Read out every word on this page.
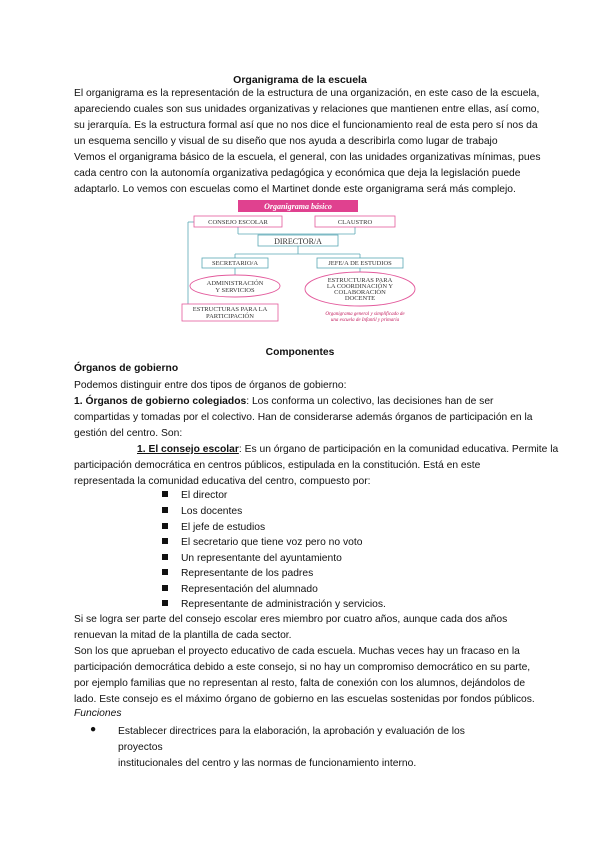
Organigrama de la escuela
El organigrama es la representación de la estructura de una organización, en este caso de la escuela,
apareciendo cuales son sus unidades organizativas y relaciones que mantienen entre ellas, así como,
su jerarquía. Es la estructura formal así que no nos dice el funcionamiento real de esta pero sí nos da
un esquema sencillo y visual de su diseño que nos ayuda a describirla como lugar de trabajo
Vemos el organigrama básico de la escuela, el general, con las unidades organizativas mínimas, pues
cada centro con la autonomía organizativa pedagógica y económica que deja la legislación puede
adaptarlo. Lo vemos con escuelas como el Martinet donde este organigrama será más complejo.
Organigrama básico
CONSEJO ESCOLAR	CLAUSTRO
DIRECTOR/A
SECRETARIO/A	JEFE/A DE ESTUDIOS
ADMINISTRACIÓN
Y SERVICIOS
ESTRUCTURAS PARA
LA COORDINACIÓN Y
COLABORACIÓN
DOCENTE
ESTRUCTURAS PARA LA
PARTICIPACIÓN	Organigrama general y simplificado de
una escuela de Infantil y primaria
Componentes
Órganos de gobierno
Podemos distinguir entre dos tipos de órganos de gobierno:
1. Órganos de gobierno colegiados: Los conforma un colectivo, las decisiones han de ser
compartidas y tomadas por el colectivo. Han de considerarse además órganos de participación en la
gestión del centro. Son:
1. El consejo escolar: Es un órgano de participación en la comunidad educativa. Permite la
participación democrática en centros públicos, estipulada en la constitución. Está en este
representada la comunidad educativa del centro, compuesto por:
El director
Los docentes
El jefe de estudios
El secretario que tiene voz pero no voto
Un representante del ayuntamiento
Representante de los padres
Representación del alumnado
Representante de administración y servicios.
Si se logra ser parte del consejo escolar eres miembro por cuatro años, aunque cada dos años
renuevan la mitad de la plantilla de cada sector.
Son los que aprueban el proyecto educativo de cada escuela. Muchas veces hay un fracaso en la
participación democrática debido a este consejo, si no hay un compromiso democrático en su parte,
por ejemplo familias que no representan al resto, falta de conexión con los alumnos, dejándolos de
lado. Este consejo es el máximo órgano de gobierno en las escuelas sostenidas por fondos públicos.
Funciones
● Establecer directrices para la elaboración, la aprobación y evaluación de los proyectos
institucionales del centro y las normas de funcionamiento interno.
